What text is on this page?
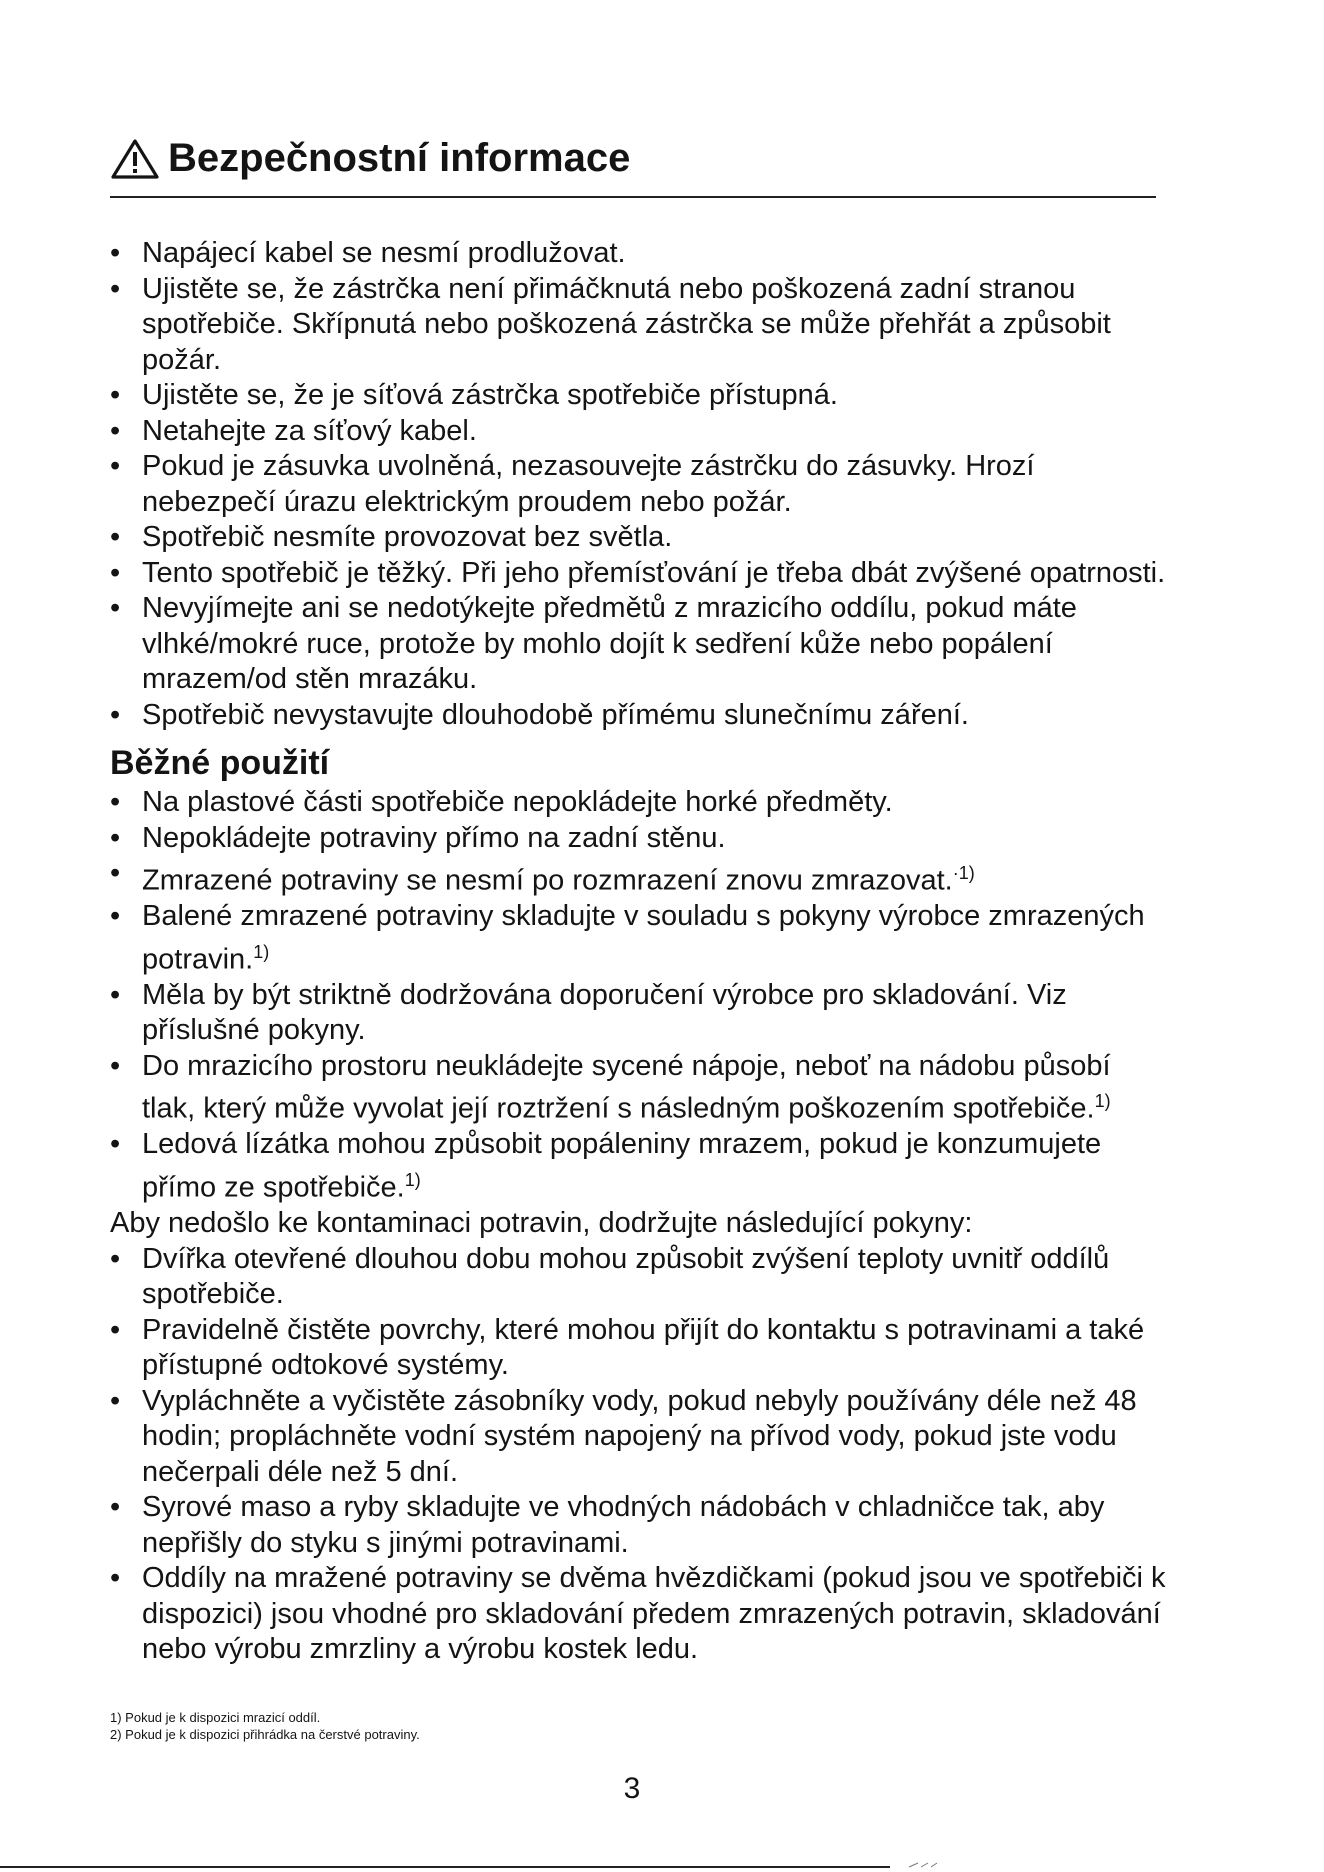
Bezpečnostní informace
• Napájecí kabel se nesmí prodlužovat.
• Ujistěte se, že zástrčka není přimáčknutá nebo poškozená zadní stranou spotřebiče. Skřípnutá nebo poškozená zástrčka se může přehřát a způsobit požár.
• Ujistěte se, že je síťová zástrčka spotřebiče přístupná.
• Netahejte za síťový kabel.
• Pokud je zásuvka uvolněná, nezasouvejte zástrčku do zásuvky. Hrozí nebezpečí úrazu elektrickým proudem nebo požár.
• Spotřebič nesmíte provozovat bez světla.
• Tento spotřebič je těžký. Při jeho přemísťování je třeba dbát zvýšené opatrnosti.
• Nevyjímejte ani se nedotýkejte předmětů z mrazicího oddílu, pokud máte vlhké/mokré ruce, protože by mohlo dojít k sedření kůže nebo popálení mrazem/od stěn mrazáku.
• Spotřebič nevystavujte dlouhodobě přímému slunečnímu záření.
Běžné použití
• Na plastové části spotřebiče nepokládejte horké předměty.
• Nepokládejte potraviny přímo na zadní stěnu.
• Zmrazené potraviny se nesmí po rozmrazení znovu zmrazovat.$^{\cdot 1)}$
• Balené zmrazené potraviny skladujte v souladu s pokyny výrobce zmrazených potravin.$^{1)}$
• Měla by být striktně dodržována doporučení výrobce pro skladování. Viz příslušné pokyny.
• Do mrazicího prostoru neukládejte sycené nápoje, neboť na nádobu působí tlak, který může vyvolat její roztržení s následným poškozením spotřebiče.$^{1)}$
• Ledová lízátka mohou způsobit popáleniny mrazem, pokud je konzumujete přímo ze spotřebiče.$^{1)}$

Aby nedošlo ke kontaminaci potravin, dodržujte následující pokyny:

• Dvířka otevřené dlouhou dobu mohou způsobit zvýšení teploty uvnitř oddílů spotřebiče.
• Pravidelně čistěte povrchy, které mohou přijít do kontaktu s potravinami a také přístupné odtokové systémy.
• Vypláchněte a vyčistěte zásobníky vody, pokud nebyly používány déle než 48 hodin; propláchněte vodní systém napojený na přívod vody, pokud jste vodu nečerpali déle než 5 dní.
• Syrové maso a ryby skladujte ve vhodných nádobách v chladničce tak, aby nepřišly do styku s jinými potravinami.
• Oddíly na mražené potraviny se dvěma hvězdičkami (pokud jsou ve spotřebiči k dispozici) jsou vhodné pro skladování předem zmrazených potravin, skladování nebo výrobu zmrzliny a výrobu kostek ledu.
1) Pokud je k dispozici mrazicí oddíl.
2) Pokud je k dispozici přihrádka na čerstvé potraviny.
3
